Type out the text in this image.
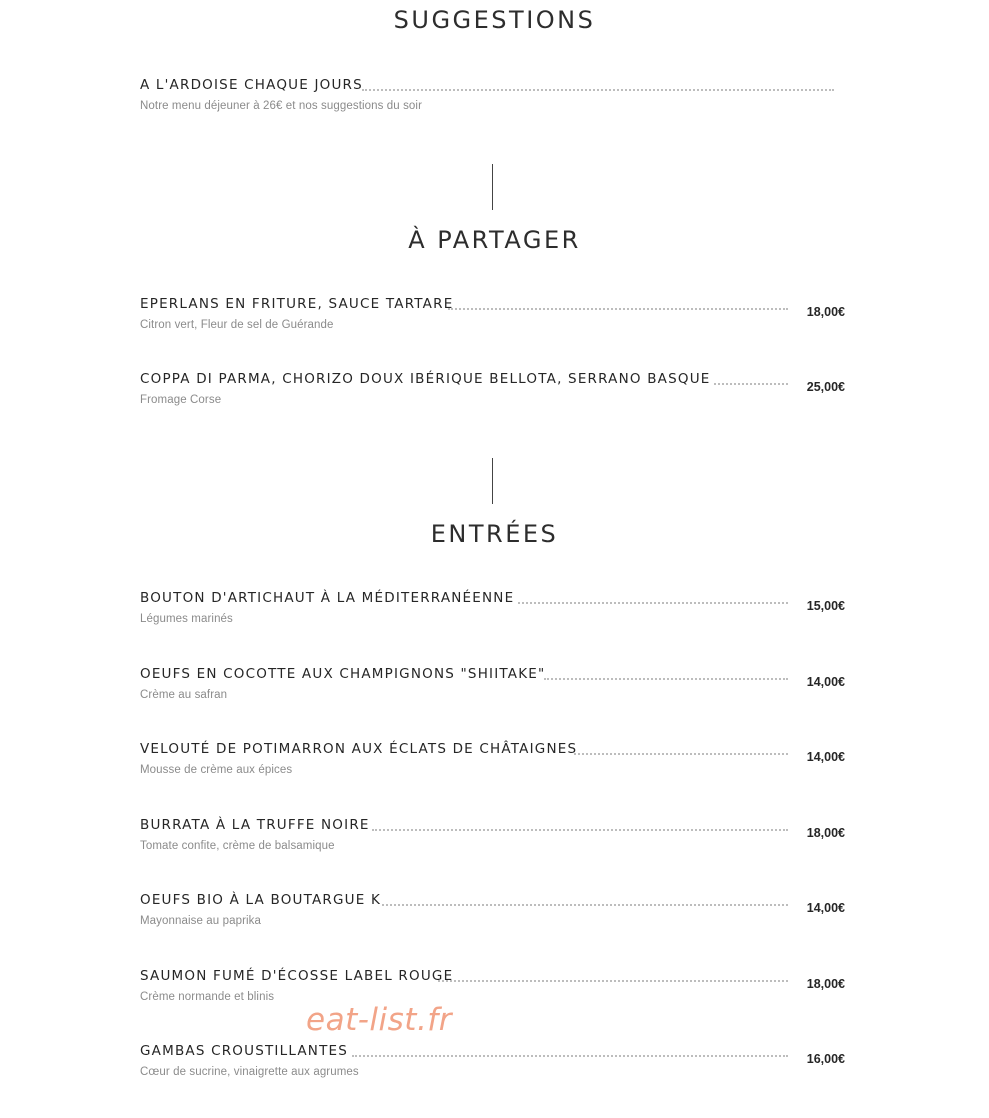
SUGGESTIONS
A L'ARDOISE CHAQUE JOURS
Notre menu déjeuner à 26€ et nos suggestions du soir
À PARTAGER
EPERLANS EN FRITURE, SAUCE TARTARE
Citron vert, Fleur de sel de Guérande
18,00€
COPPA DI PARMA, CHORIZO DOUX IBÉRIQUE BELLOTA, SERRANO BASQUE
Fromage Corse
25,00€
ENTRÉES
BOUTON D'ARTICHAUT À LA MÉDITERRANÉENNE
Légumes marinés
15,00€
OEUFS EN COCOTTE AUX CHAMPIGNONS "SHIITAKE"
Crème au safran
14,00€
VELOUTÉ DE POTIMARRON AUX ÉCLATS DE CHÂTAIGNES
Mousse de crème aux épices
14,00€
BURRATA À LA TRUFFE NOIRE
Tomate confite, crème de balsamique
18,00€
OEUFS BIO À LA BOUTARGUE K
Mayonnaise au paprika
14,00€
SAUMON FUMÉ D'ÉCOSSE LABEL ROUGE
Crème normande et blinis
18,00€
GAMBAS CROUSTILLANTES
Cœur de sucrine, vinaigrette aux agrumes
16,00€
eat-list.fr
